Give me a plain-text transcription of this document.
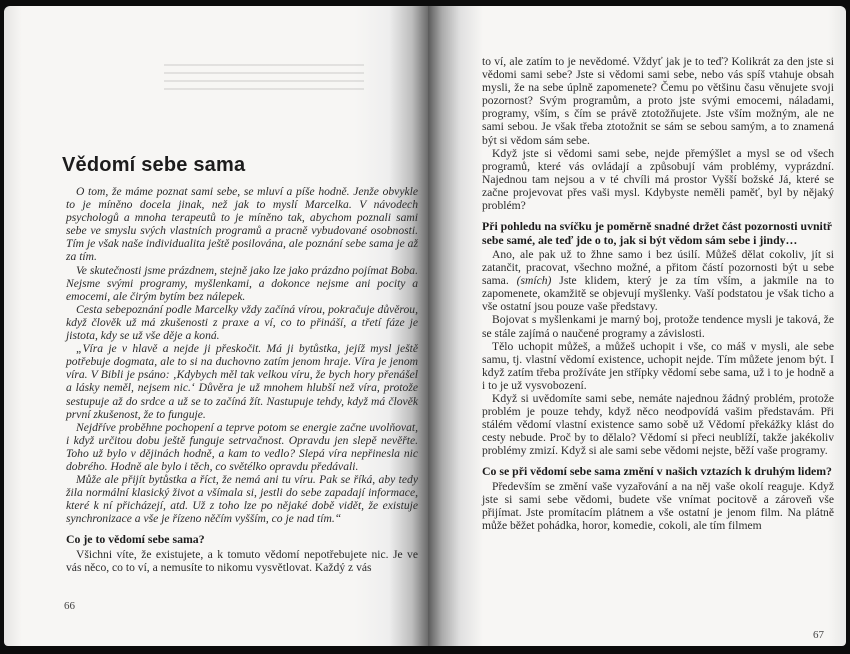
Vědomí sebe sama

O tom, že máme poznat sami sebe, se mluví a píše hodně. Jenže obvykle to je míněno docela jinak, než jak to myslí Marcelka. V návodech psychologů a mnoha terapeutů to je míněno tak, abychom poznali sami sebe ve smyslu svých vlastních programů a pracně vybudované osobnosti. Tím je však naše individualita ještě posilována, ale poznání sebe sama je až za tím.

Ve skutečnosti jsme prázdnem, stejně jako lze jako prázdno pojímat Boba. Nejsme svými programy, myšlenkami, a dokonce nejsme ani pocity a emocemi, ale čirým bytím bez nálepek.

Cesta sebepoznání podle Marcelky vždy začíná vírou, pokračuje důvěrou, když člověk už má zkušenosti z praxe a ví, co to přináší, a třetí fáze je jistota, kdy se už vše děje a koná.

„Víra je v hlavě a nejde ji přeskočit. Má ji bytůstka, jejíž mysl ještě potřebuje dogmata, ale to si na duchovno zatím jenom hraje. Víra je jenom víra. V Bibli je psáno: ‚Kdybych měl tak velkou víru, že bych hory přenášel a lásky neměl, nejsem nic.‘ Důvěra je už mnohem hlubší než víra, protože sestupuje až do srdce a už se to začíná žít. Nastupuje tehdy, když má člověk první zkušenost, že to funguje.

Nejdříve proběhne pochopení a teprve potom se energie začne uvolňovat, i když určitou dobu ještě funguje setrvačnost. Opravdu jen slepě nevěřte. Toho už bylo v dějinách hodně, a kam to vedlo? Slepá víra nepřinesla nic dobrého. Hodně ale bylo i těch, co světélko opravdu předávali.

Může ale přijít bytůstka a říct, že nemá ani tu víru. Pak se říká, aby tedy žila normální klasický život a všímala si, jestli do sebe zapadají informace, které k ní přicházejí, atd. Už z toho lze po nějaké době vidět, že existuje synchronizace a vše je řízeno něčím vyšším, co je nad tím.“

Co je to vědomí sebe sama?

Všichni víte, že existujete, a k tomuto vědomí nepotřebujete nic. Je ve vás něco, co to ví, a nemusíte to nikomu vysvětlovat. Každý z vás

66

to ví, ale zatím to je nevědomé. Vždyť jak je to teď? Kolikrát za den jste si vědomi sami sebe? Jste si vědomi sami sebe, nebo vás spíš vtahuje obsah mysli, že na sebe úplně zapomenete? Čemu po většinu času věnujete svoji pozornost? Svým programům, a proto jste svými emocemi, náladami, programy, vším, s čím se právě ztotožňujete. Jste vším možným, ale ne sami sebou. Je však třeba ztotožnit se sám se sebou samým, a to znamená být si vědom sám sebe.

Když jste si vědomi sami sebe, nejde přemýšlet a mysl se od všech programů, které vás ovládají a způsobují vám problémy, vyprázdní. Najednou tam nejsou a v té chvíli má prostor Vyšší božské Já, které se začne projevovat přes vaši mysl. Kdybyste neměli paměť, byl by nějaký problém?

Při pohledu na svíčku je poměrně snadné držet část pozornosti uvnitř sebe samé, ale teď jde o to, jak si být vědom sám sebe i jindy…

Ano, ale pak už to žhne samo i bez úsilí. Můžeš dělat cokoliv, jít si zatančit, pracovat, všechno možné, a přitom částí pozornosti být u sebe sama. (smích) Jste klidem, který je za tím vším, a jakmile na to zapomenete, okamžitě se objevují myšlenky. Vaší podstatou je však ticho a vše ostatní jsou pouze vaše představy.

Bojovat s myšlenkami je marný boj, protože tendence mysli je taková, že se stále zajímá o naučené programy a závislosti.

Tělo uchopit můžeš, a můžeš uchopit i vše, co máš v mysli, ale sebe samu, tj. vlastní vědomí existence, uchopit nejde. Tím můžete jenom být. I když zatím třeba prožíváte jen střípky vědomí sebe sama, už i to je hodně a i to je už vysvobození.

Když si uvědomíte sami sebe, nemáte najednou žádný problém, protože problém je pouze tehdy, když něco neodpovídá vašim představám. Při stálém vědomí vlastní existence samo sobě už Vědomí překážky klást do cesty nebude. Proč by to dělalo? Vědomí si přeci neublíží, takže jakékoliv problémy zmizí. Když si ale sami sebe vědomi nejste, běží vaše programy.

Co se při vědomí sebe sama změní v našich vztazích k druhým lidem?

Především se změní vaše vyzařování a na něj vaše okolí reaguje. Když jste si sami sebe vědomi, budete vše vnímat pocitově a zároveň vše přijímat. Jste promítacím plátnem a vše ostatní je jenom film. Na plátně může běžet pohádka, horor, komedie, cokoli, ale tím filmem

67
